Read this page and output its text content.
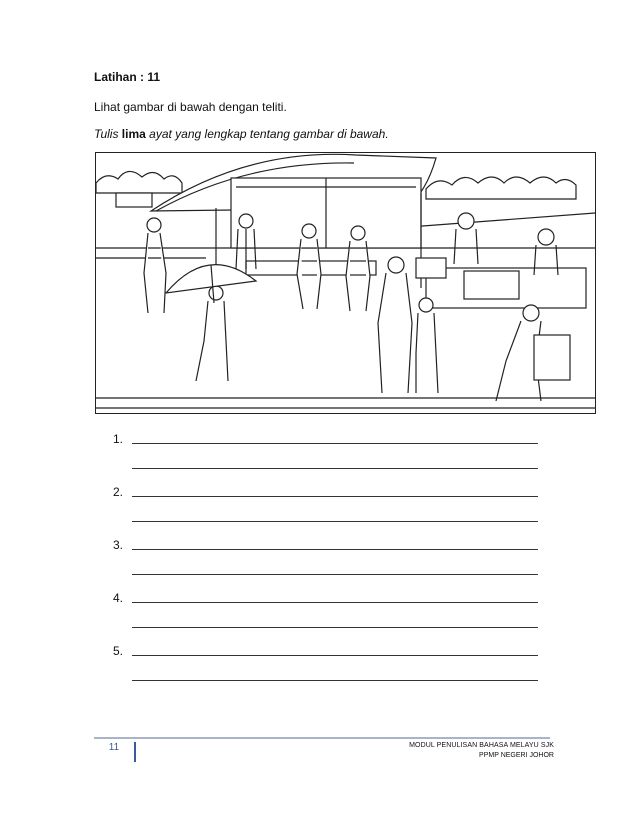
Latihan : 11
Lihat gambar di bawah dengan teliti.
Tulis lima ayat yang lengkap tentang gambar di bawah.
1.
2.
3.
4.
5.
11	MODUL PENULISAN BAHASA MELAYU SJK
PPMP NEGERI JOHOR
